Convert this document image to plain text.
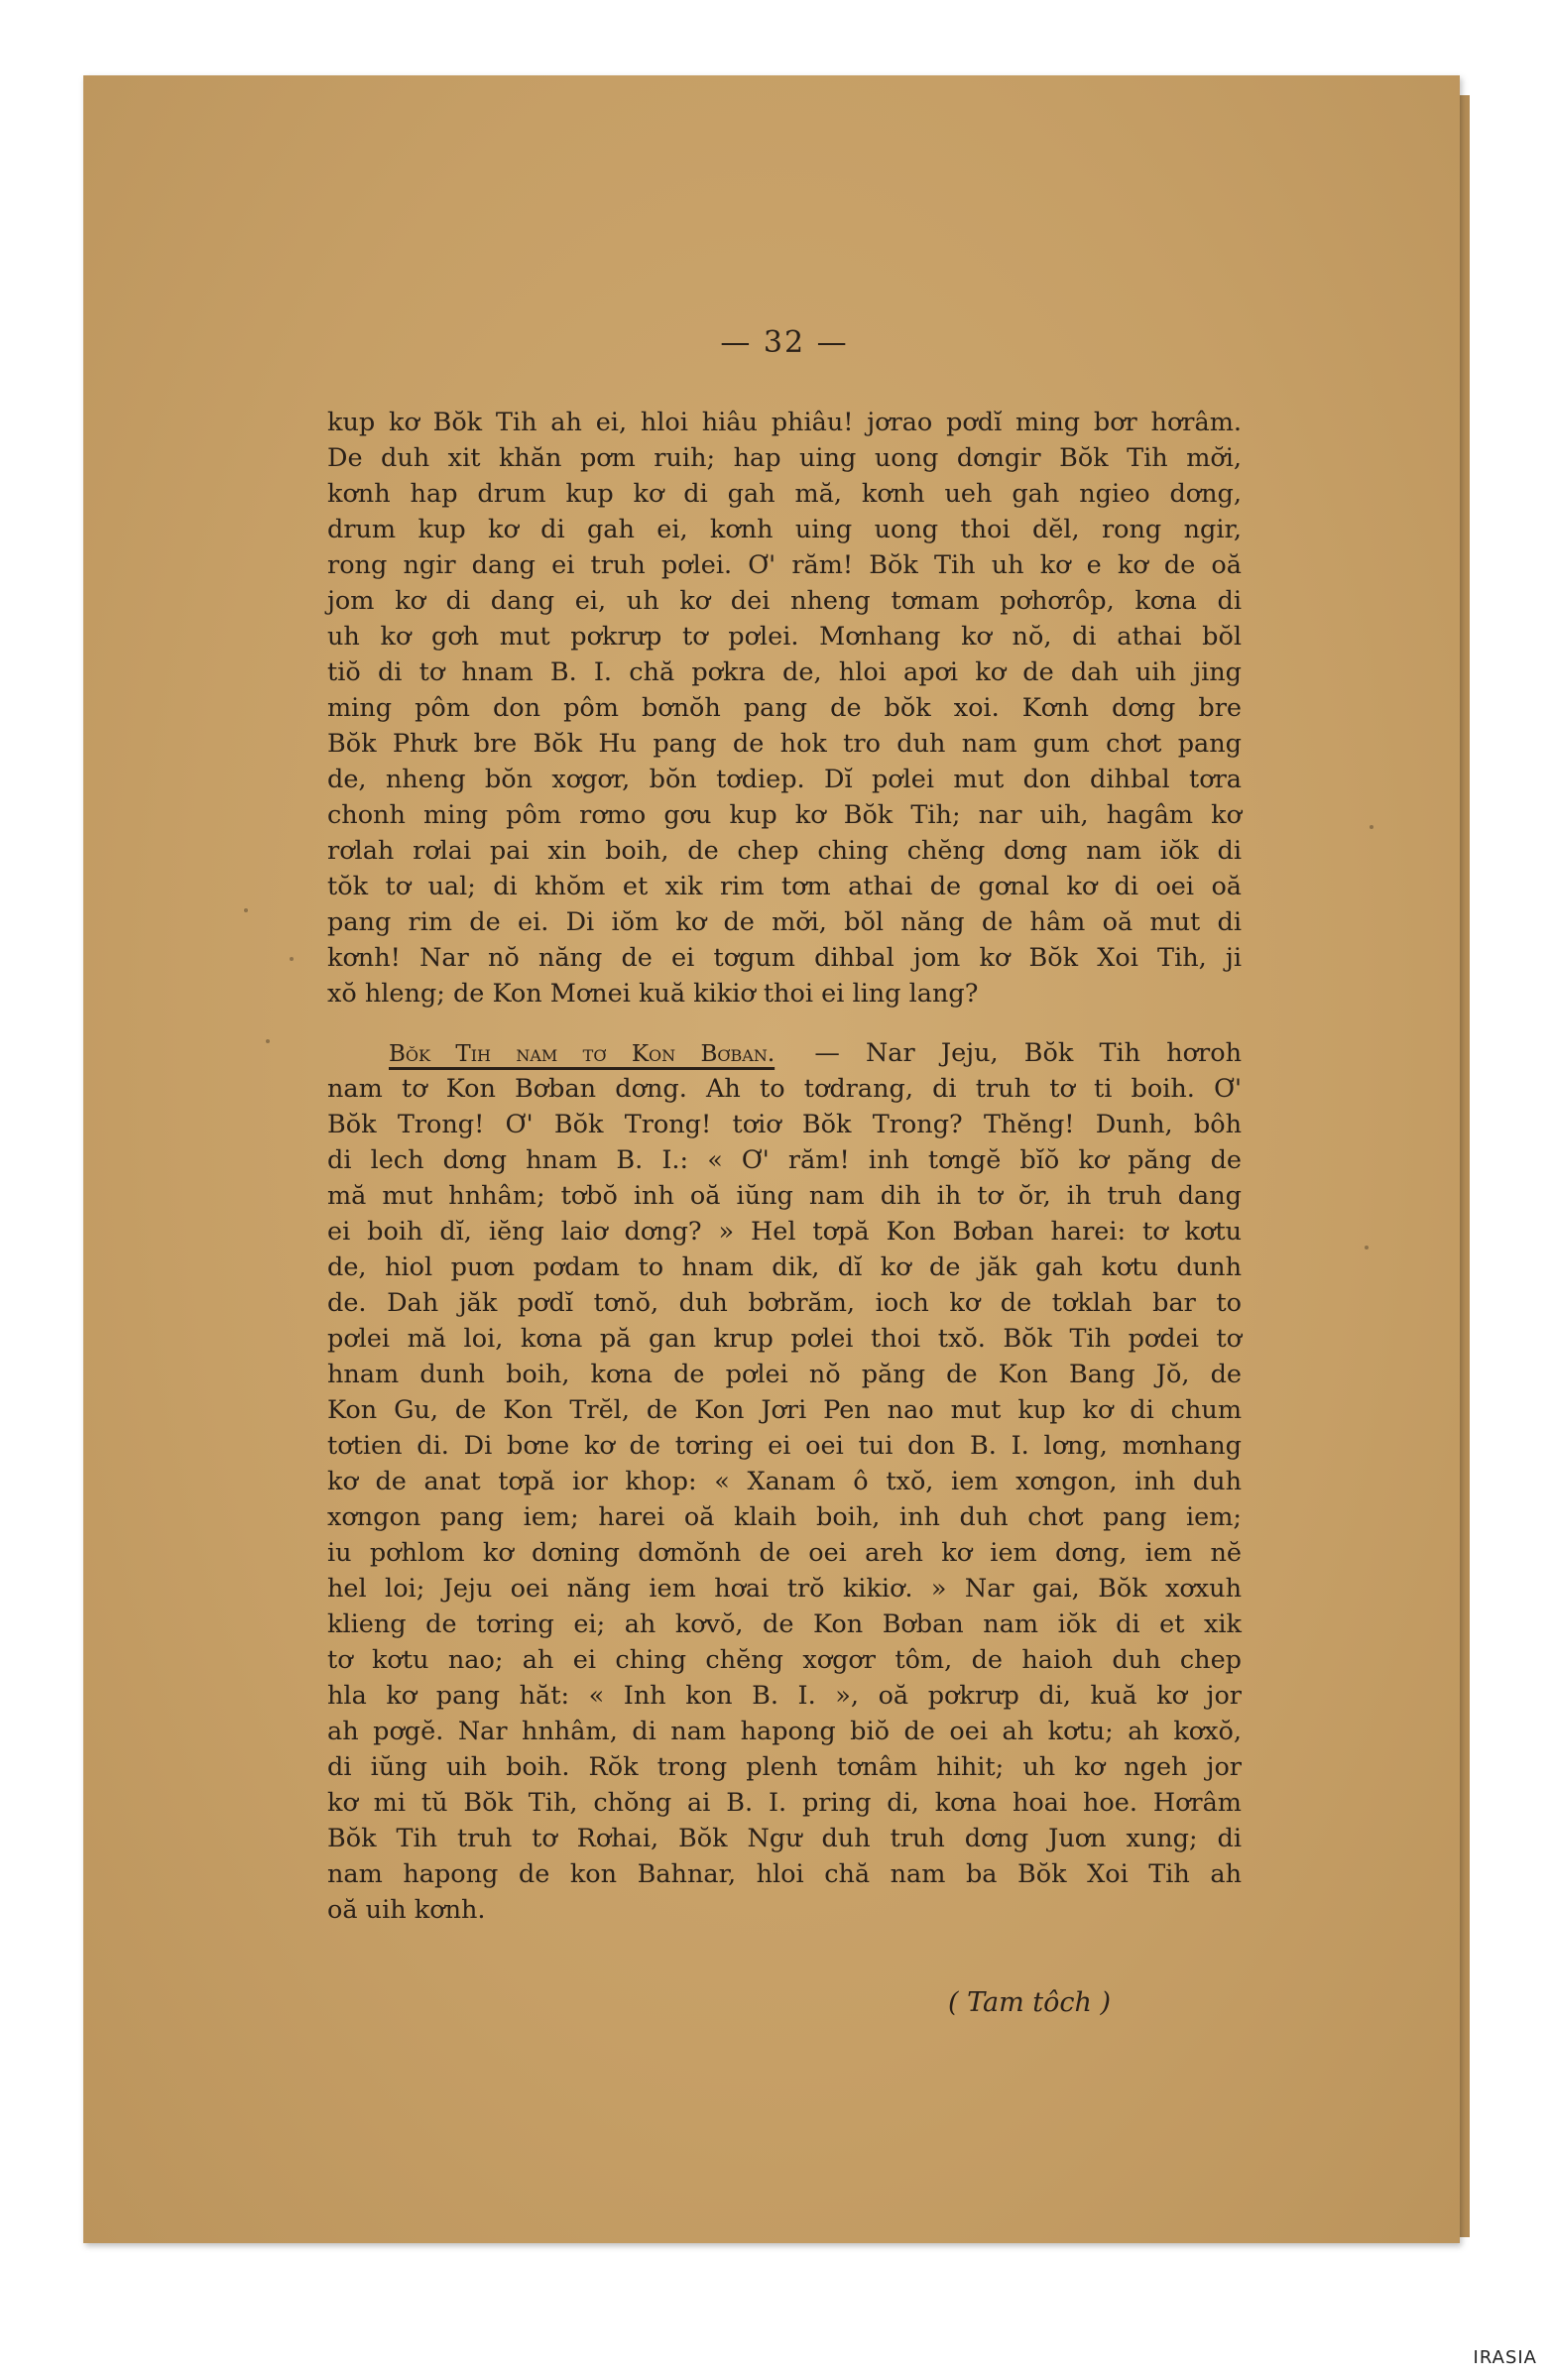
— 32 —
kup kơ Bŏk Tih ah ei, hloi hiâu phiâu! jơrao pơdĭ ming bơr hơrâm.
De duh xit khăn pơm ruih; hap uing uong dơngir Bŏk Tih mơ̆i,
kơnh hap drum kup kơ di gah mă, kơnh ueh gah ngieo dơng,
drum kup kơ di gah ei, kơnh uing uong thoi dĕl, rong ngir,
rong ngir dang ei truh pơlei. Ơ' răm! Bŏk Tih uh kơ e kơ de oă
jom kơ di dang ei, uh kơ dei nheng tơmam pơhơrôp, kơna di
uh kơ gơh mut pơkrưp tơ pơlei. Mơnhang kơ nŏ, di athai bŏl
tiŏ di tơ hnam B. I. chă pơkra de, hloi apơi kơ de dah uih jing
ming pôm don pôm bơnŏh pang de bŏk xoi. Kơnh dơng bre
Bŏk Phưk bre Bŏk Hu pang de hok tro duh nam gum chơt pang
de, nheng bŏn xơgơr, bŏn tơdiep. Dĭ pơlei mut don dihbal tơra
chonh ming pôm rơmo gơu kup kơ Bŏk Tih; nar uih, hagâm kơ
rơlah rơlai pai xin boih, de chep ching chĕng dơng nam iŏk di
tŏk tơ ual; di khŏm et xik rim tơm athai de gơnal kơ di oei oă
pang rim de ei. Di iŏm kơ de mơ̆i, bŏl năng de hâm oă mut di
kơnh! Nar nŏ năng de ei tơgum dihbal jom kơ Bŏk Xoi Tih, ji
xŏ hleng; de Kon Mơnei kuă kikiơ thoi ei ling lang?
Bŏk Tih nam tơ Kon Bơban. — Nar Jeju, Bŏk Tih hơroh
nam tơ Kon Bơban dơng. Ah to tơdrang, di truh tơ ti boih. Ơ'
Bŏk Trong! Ơ' Bŏk Trong! tơiơ Bŏk Trong? Thĕng! Dunh, bôh
di lech dơng hnam B. I.: « Ơ' răm! inh tơngĕ bĭŏ kơ păng de
mă mut hnhâm; tơbŏ inh oă iŭng nam dih ih tơ ŏr, ih truh dang
ei boih dĭ, iĕng laiơ dơng? » Hel tơpă Kon Bơban harei: tơ kơtu
de, hiol puơn pơdam to hnam dik, dĭ kơ de jăk gah kơtu dunh
de. Dah jăk pơdĭ tơnŏ, duh bơbrăm, ioch kơ de tơklah bar to
pơlei mă loi, kơna pă gan krup pơlei thoi txŏ. Bŏk Tih pơdei tơ
hnam dunh boih, kơna de pơlei nŏ păng de Kon Bang Jŏ, de
Kon Gu, de Kon Trĕl, de Kon Jơri Pen nao mut kup kơ di chum
tơtien di. Di bơne kơ de tơring ei oei tui don B. I. lơng, mơnhang
kơ de anat tơpă ior khop: « Xanam ô txŏ, iem xơngon, inh duh
xơngon pang iem; harei oă klaih boih, inh duh chơt pang iem;
iu pơhlom kơ dơning dơmŏnh de oei areh kơ iem dơng, iem nĕ
hel loi; Jeju oei năng iem hơai trŏ kikiơ. » Nar gai, Bŏk xơxuh
klieng de tơring ei; ah kơvŏ, de Kon Bơban nam iŏk di et xik
tơ kơtu nao; ah ei ching chĕng xơgơr tôm, de haioh duh chep
hla kơ pang hăt: « Inh kon B. I. », oă pơkrưp di, kuă kơ jor
ah pơgĕ. Nar hnhâm, di nam hapong biŏ de oei ah kơtu; ah kơxŏ,
di iŭng uih boih. Rŏk trong plenh tơnâm hihit; uh kơ ngeh jor
kơ mi tŭ Bŏk Tih, chŏng ai B. I. pring di, kơna hoai hoe. Hơrâm
Bŏk Tih truh tơ Rơhai, Bŏk Ngư duh truh dơng Juơn xung; di
nam hapong de kon Bahnar, hloi chă nam ba Bŏk Xoi Tih ah
oă uih kơnh.
( Tam tôch )
IRASIA
